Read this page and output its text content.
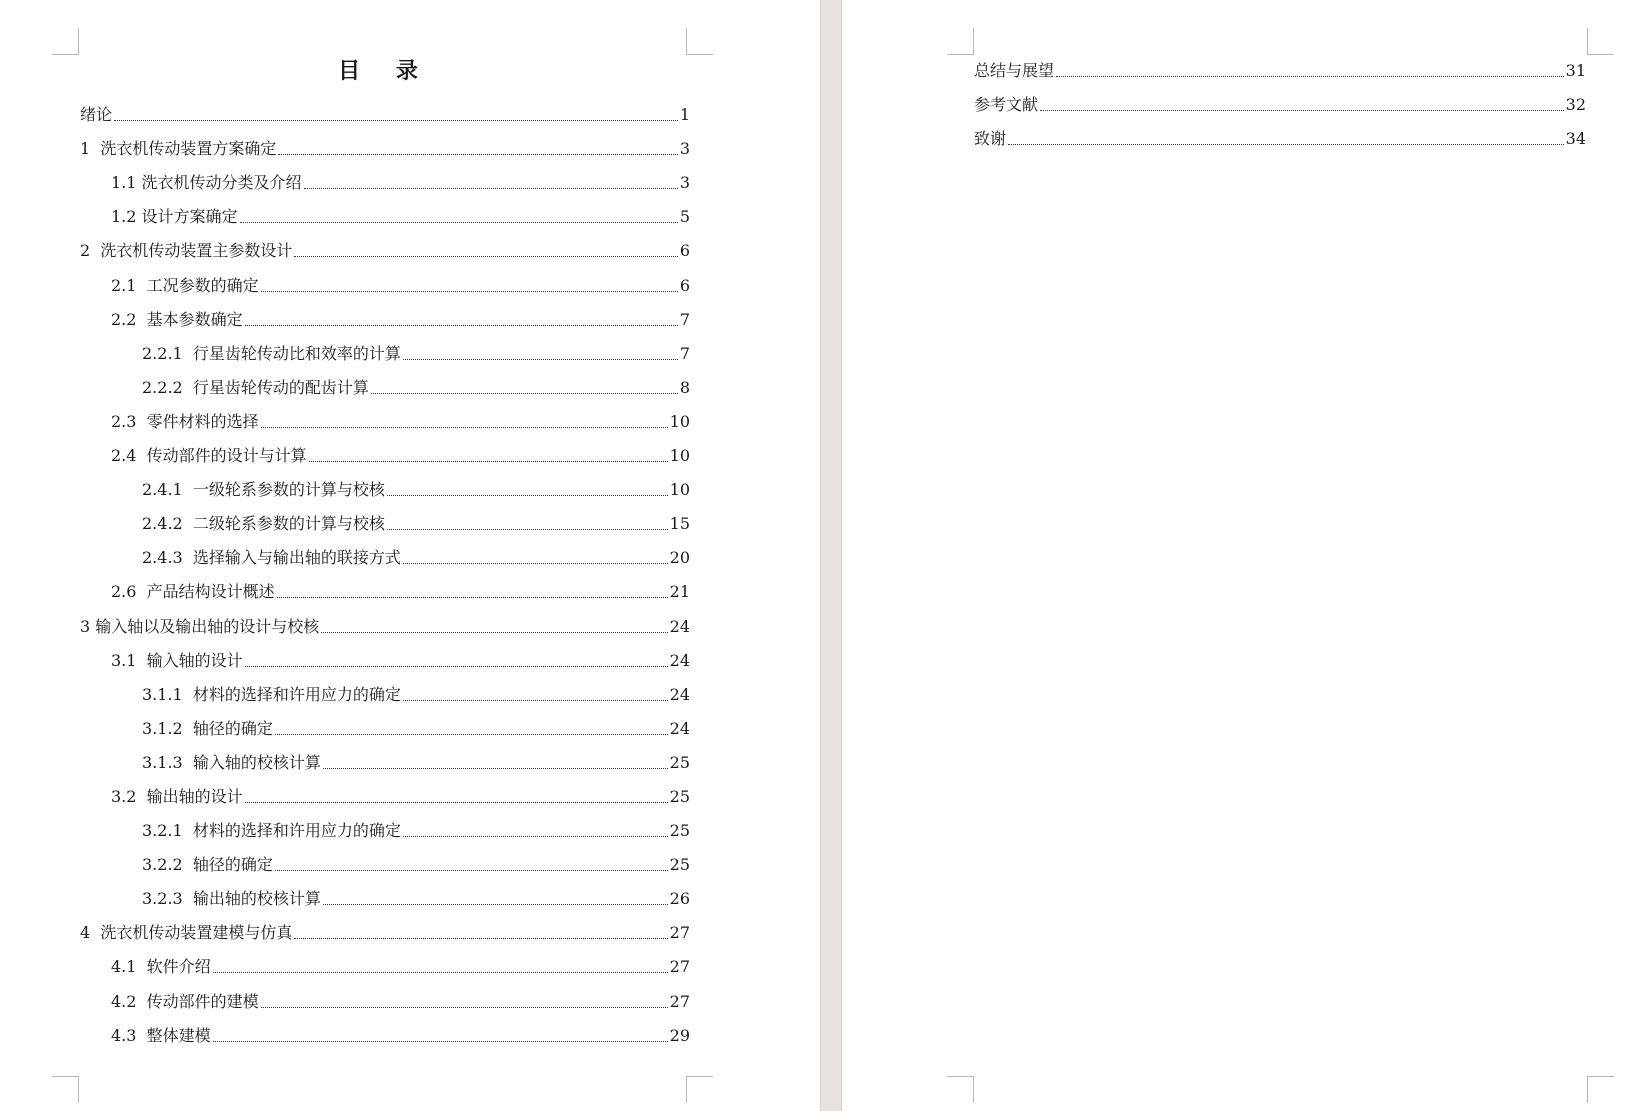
目 录
绪论	1
1  洗衣机传动装置方案确定	3
1.1 洗衣机传动分类及介绍	3
1.2 设计方案确定	5
2  洗衣机传动装置主参数设计	6
2.1  工况参数的确定	6
2.2  基本参数确定	7
2.2.1  行星齿轮传动比和效率的计算	7
2.2.2  行星齿轮传动的配齿计算	8
2.3  零件材料的选择	10
2.4  传动部件的设计与计算	10
2.4.1  一级轮系参数的计算与校核	10
2.4.2  二级轮系参数的计算与校核	15
2.4.3  选择输入与输出轴的联接方式	20
2.6  产品结构设计概述	21
3 输入轴以及输出轴的设计与校核	24
3.1  输入轴的设计	24
3.1.1  材料的选择和许用应力的确定	24
3.1.2  轴径的确定	24
3.1.3  输入轴的校核计算	25
3.2  输出轴的设计	25
3.2.1  材料的选择和许用应力的确定	25
3.2.2  轴径的确定	25
3.2.3  输出轴的校核计算	26
4  洗衣机传动装置建模与仿真	27
4.1  软件介绍	27
4.2  传动部件的建模	27
4.3  整体建模	29
总结与展望	31
参考文献	32
致谢	34
